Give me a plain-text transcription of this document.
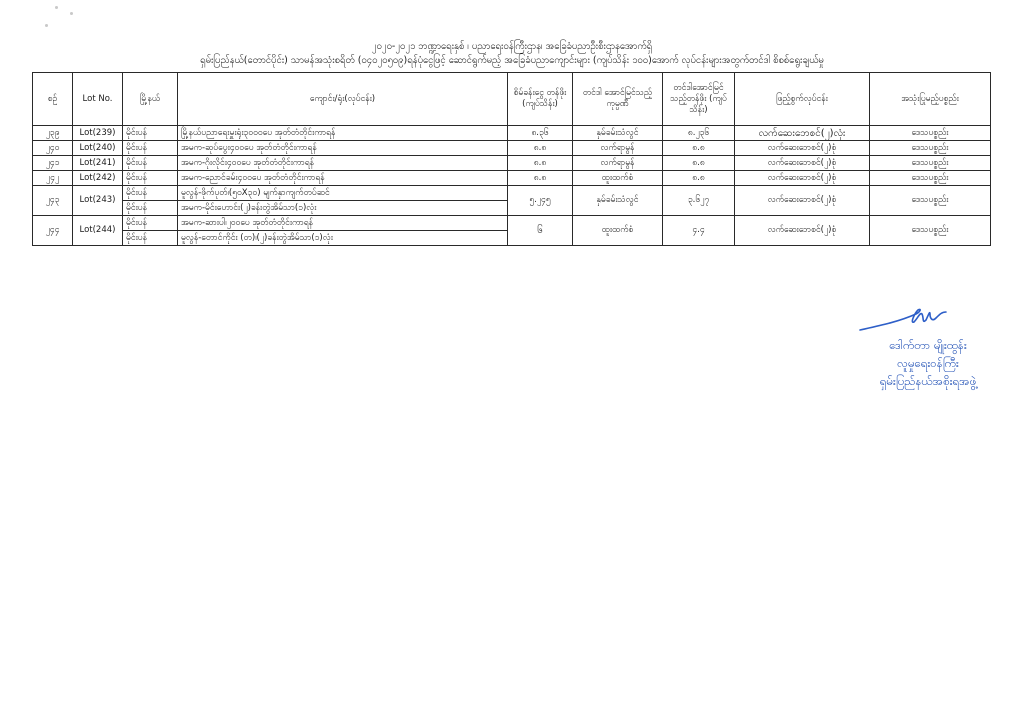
၂၀၂၀-၂၀၂၁ ဘဏ္ဍာရေးနှစ် ၊ ပညာရေးဝန်ကြီးဌာန၊ အခြေခံပညာဦးစီးဌာနအောက်ရှိ
ရှမ်းပြည်နယ်(တောင်ပိုင်း) သာမန်အသုံးစရိတ် (၀၄၀၂၀၅၀၉)ရန်ပုံငွေဖြင့် ဆောင်ရွက်မည့် အခြေခံပညာကျောင်းများ (ကျပ်သိန်း ၁၀၀)အောက် လုပ်ငန်းများအတွက်တင်ဒါ စိစစ်ရွေးချယ်မှု
စဉ်	Lot No.	မြို့နယ်	ကျောင်း/ရုံး(လုပ်ငန်း)	စိမ်ခန်းငွေ တန်ဖိုး (ကျပ်သိန်း)	တင်ဒါ အောင်မြင်သည့်ကုမ္ပဏီ	တင်ဒါအောင်မြင် သည့်တန်ဖိုး (ကျပ်သိန်း)	ဖြည့်စွက်လုပ်ငန်း	အသုံးပြုမည့်ပစ္စည်း
၂၃၉	Lot(239)	မိုင်းပန်	မြို့နယ်ပညာရေးမှူးရုံး၃၀၀၀ပေ အုတ်တံတိုင်းကာရန်	၈.၃၆	နှမ်ခမ်းသံလွင်	၈.၂၃၆	လက်ဆေးဘေစင်(၂)လုံး	ဒေသပစ္စည်း
၂၄၀	Lot(240)	မိုင်းပန်	အမက-ဆုပ်ပွေး၄၀၀ပေ အုတ်တံတိုင်းကာရန်	၈.၈	လက်ရာမွန်	၈.၈	လက်ဆေးဘေစင်(၂)စုံ	ဒေသပစ္စည်း
၂၄၁	Lot(241)	မိုင်းပန်	အမက-ဂိုးလိုင်း၄၀၀ပေ အုတ်တံတိုင်းကာရန်	၈.၈	လက်ရာမွန်	၈.၈	လက်ဆေးဘေစင်(၂)စုံ	ဒေသပစ္စည်း
၂၄၂	Lot(242)	မိုင်းပန်	အမက-ညောင်ခမ်း၄၀၀ပေ အုတ်တံတိုင်းကာရန်	၈.၈	ထူးထက်စံ	၈.၈	လက်ဆေးဘေစင်(၂)စုံ	ဒေသပစ္စည်း
၂၄၃	Lot(243)	မိုင်းပန်	မူလွန်-ဖိုက်ပုတ်၊(၅၀X၃၀) မျက်နှာကျက်တပ်ဆင်	၅.၂၄၅	နှမ်ခမ်းသံလွင်	၃.၆၂၇	လက်ဆေးဘေစင်(၂)စုံ	ဒေသပစ္စည်း
		မိုင်းပန်	အမက-မိုင်းဟောင်း(၂)ခန်းတွဲအိမ်သာ(၁)လုံး					
၂၄၄	Lot(244)	မိုင်းပန်	အမက-ဆားပါ၊၂၀၀ပေ အုတ်တံတိုင်းကာရန်	၆	ထူးထက်စံ	၄.၄	လက်ဆေးဘေစင်(၂)စုံ	ဒေသပစ္စည်း
		မိုင်းပန်	မူလွန်-တောင်ကိုင်း (တ)၊(၂)ခန်းတွဲအိမ်သာ(၁)လုံး					
ဒေါက်တာ မျိုးထွန်း
လူမှုရေးဝန်ကြီး
ရှမ်းပြည်နယ်အစိုးရအဖွဲ့
